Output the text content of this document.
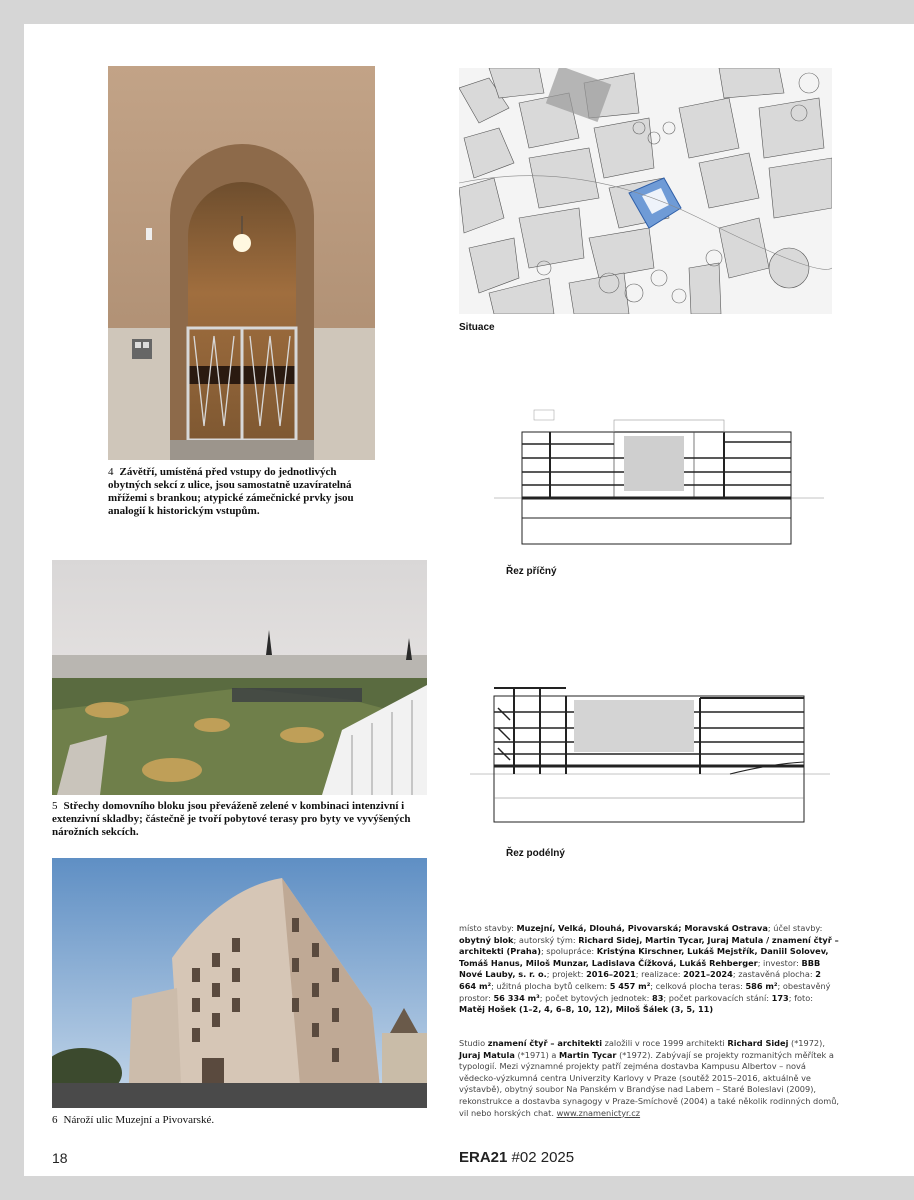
4 Závětří, umístěná před vstupy do jednotlivých obytných sekcí z ulice, jsou samostatně uzavíratelná mřížemi s brankou; atypické zámečnické prvky jsou analogií k historickým vstupům.
Situace
Řez příčný
Řez podélný
5 Střechy domovního bloku jsou převáženě zelené v kombinaci intenzivní i extenzivní skladby; částečně je tvoří pobytové terasy pro byty ve vyvýšených nárožních sekcích.
6 Nároží ulic Muzejní a Pivovarské.
místo stavby: Muzejní, Velká, Dlouhá, Pivovarská; Moravská Ostrava; účel stavby: obytný blok; autorský tým: Richard Sidej, Martin Tycar, Juraj Matula / znamení čtyř – architekti (Praha); spolupráce: Kristýna Kirschner, Lukáš Mejstřík, Daniil Solovev, Tomáš Hanus, Miloš Munzar, Ladislava Čížková, Lukáš Rehberger; investor: BBB Nové Lauby, s. r. o.; projekt: 2016–2021; realizace: 2021–2024; zastavěná plocha: 2 664 m²; užitná plocha bytů celkem: 5 457 m²; celková plocha teras: 586 m²; obestavěný prostor: 56 334 m³; počet bytových jednotek: 83; počet parkovacích stání: 173; foto: Matěj Hošek (1–2, 4, 6–8, 10, 12), Miloš Šálek (3, 5, 11)
Studio znamení čtyř – architekti založili v roce 1999 architekti Richard Sidej (*1972), Juraj Matula (*1971) a Martin Tycar (*1972). Zabývají se projekty rozmanitých měřítek a typologií. Mezi významné projekty patří zejména dostavba Kampusu Albertov – nová vědecko-výzkumná centra Univerzity Karlovy v Praze (soutěž 2015–2016, aktuálně ve výstavbě), obytný soubor Na Panském v Brandýse nad Labem – Staré Boleslavi (2009), rekonstrukce a dostavba synagogy v Praze-Smíchově (2004) a také několik rodinných domů, vil nebo horských chat. www.znamenictyr.cz
18	ERA21 #02 2025
